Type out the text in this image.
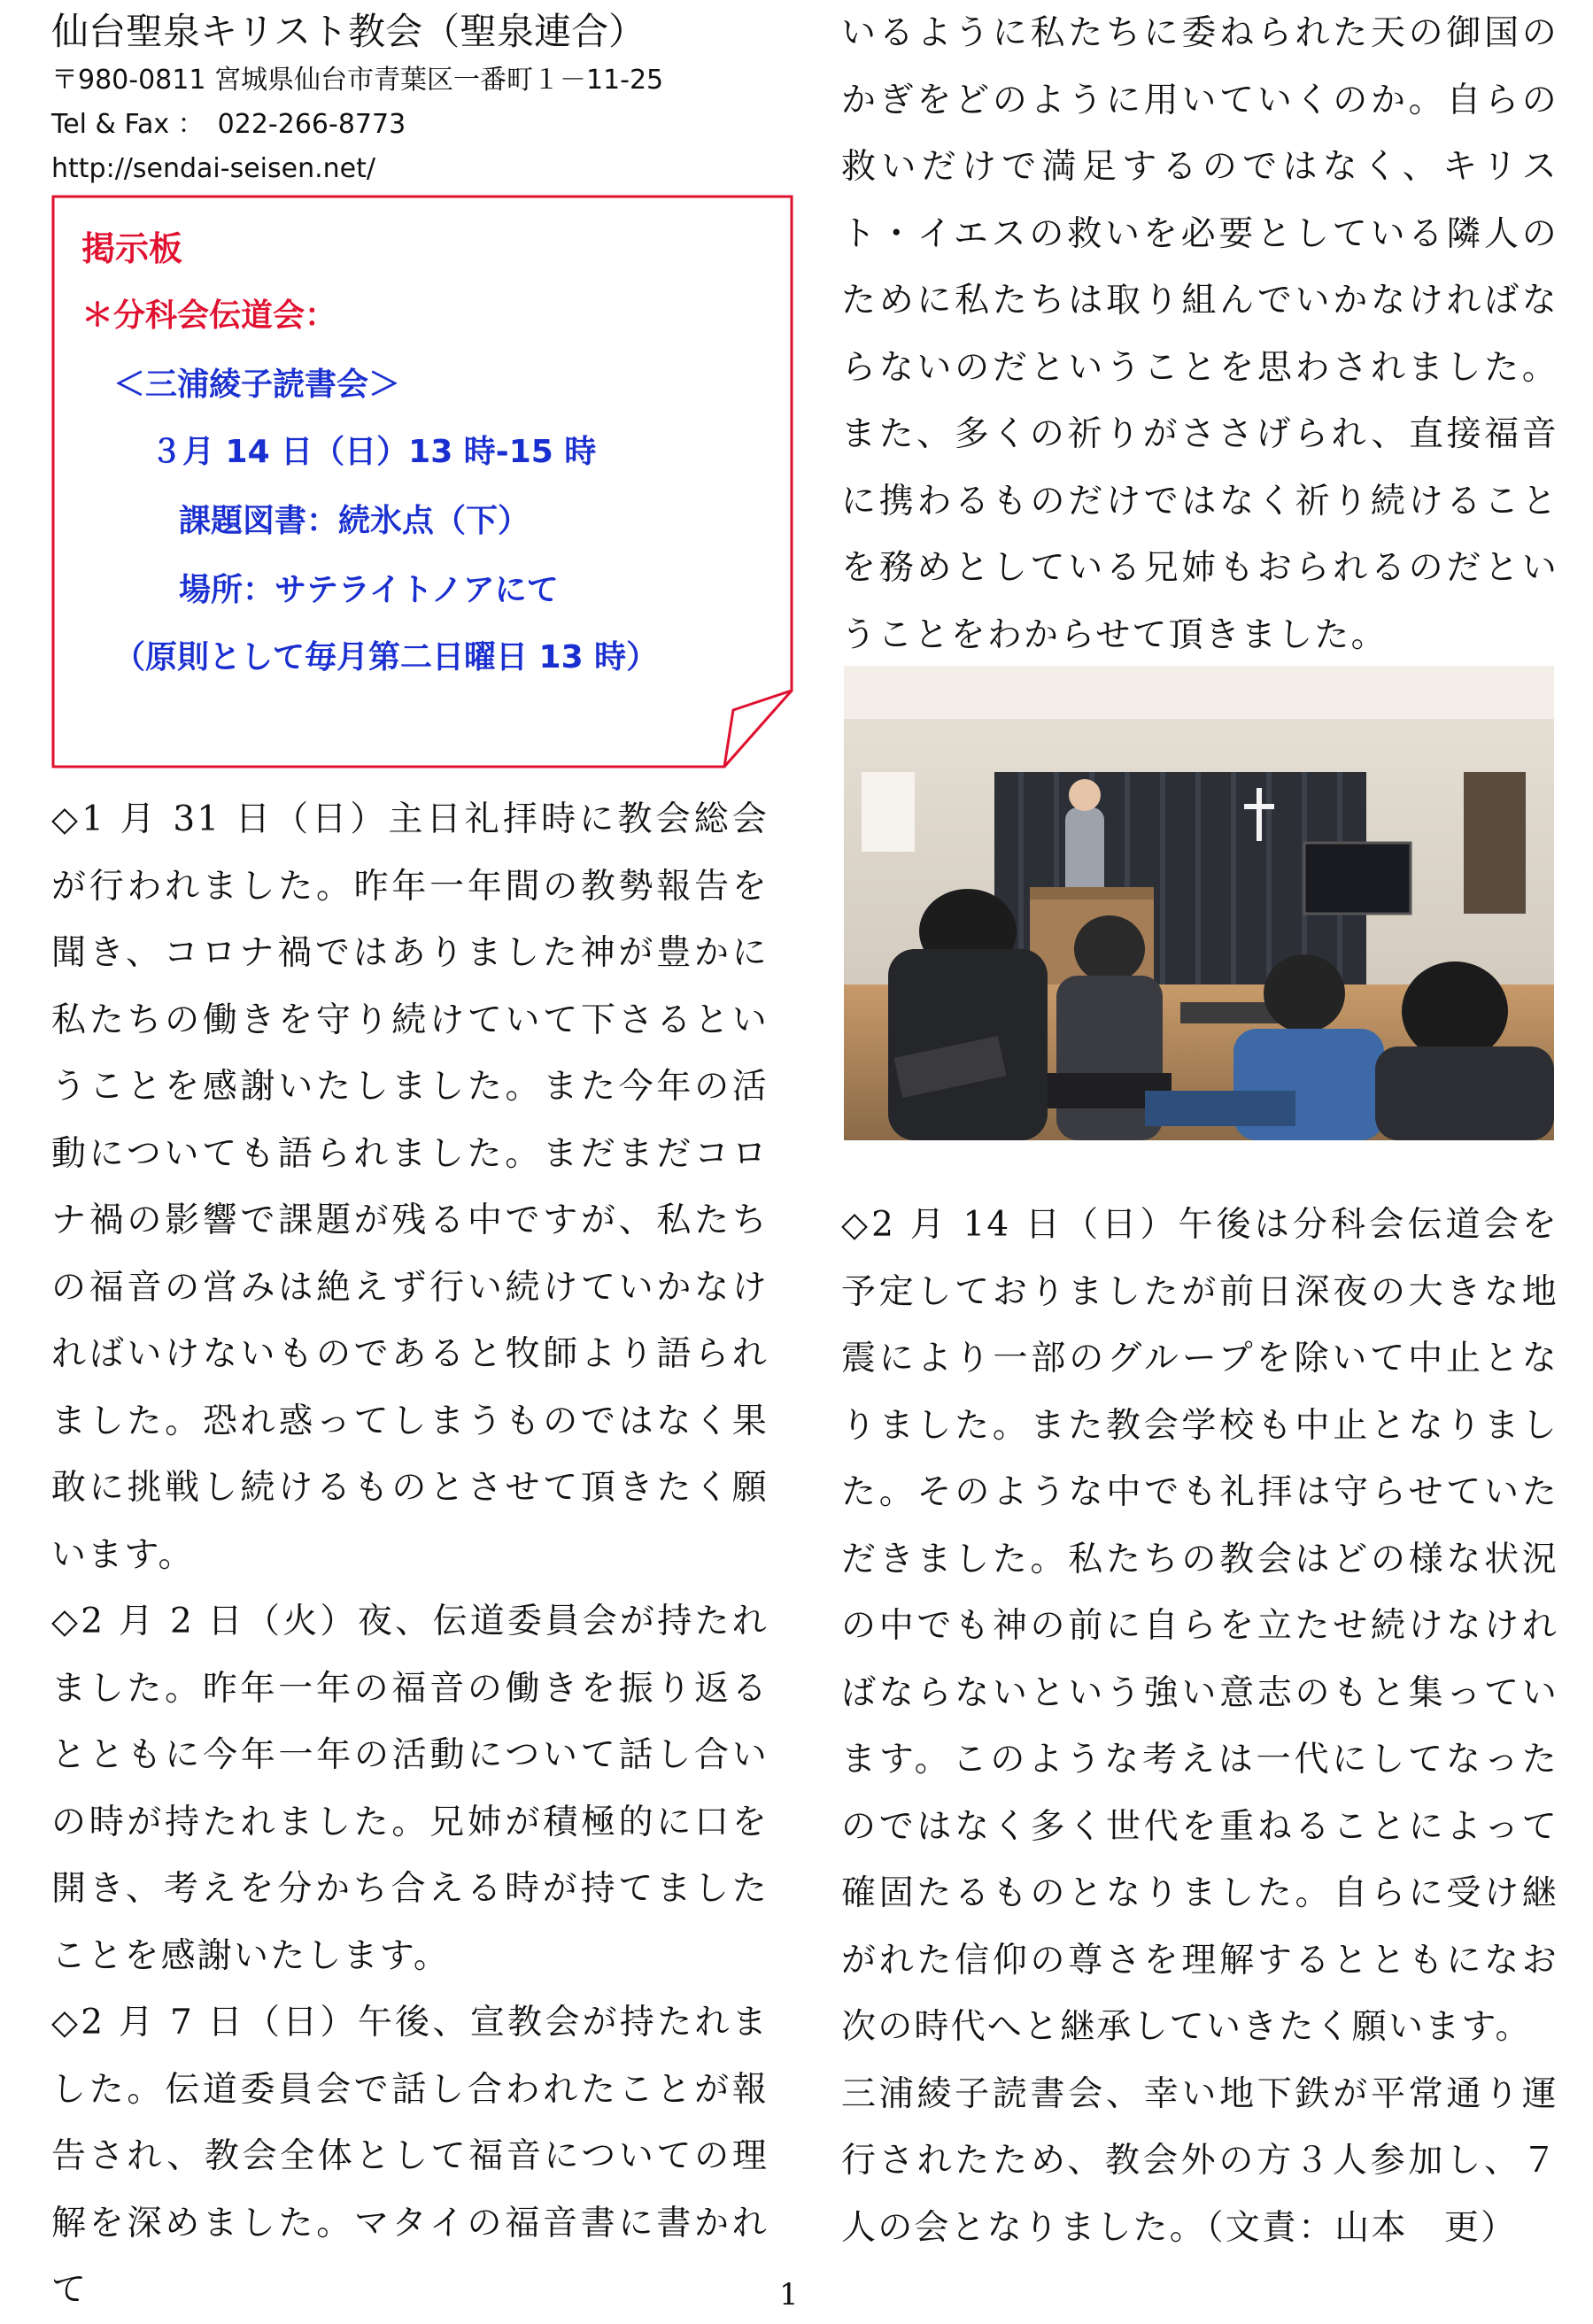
仙台聖泉キリスト教会（聖泉連合）
〒980-0811 宮城県仙台市青葉区一番町１－11-25
Tel & Fax ：　022-266-8773
http://sendai-seisen.net/
掲示板
＊分科会伝道会：
＜三浦綾子読書会＞
３月 14 日（日）13 時-15 時
課題図書：続氷点（下）
場所：サテライトノアにて
（原則として毎月第二日曜日 13 時）

◇1 月 31 日（日）主日礼拝時に教会総会が行われました。昨年一年間の教勢報告を聞き、コロナ禍ではありました神が豊かに私たちの働きを守り続けていて下さるということを感謝いたしました。また今年の活動についても語られました。まだまだコロナ禍の影響で課題が残る中ですが、私たちの福音の営みは絶えず行い続けていかなければいけないものであると牧師より語られました。恐れ惑ってしまうものではなく果敢に挑戦し続けるものとさせて頂きたく願います。

◇2 月 2 日（火）夜、伝道委員会が持たれました。昨年一年の福音の働きを振り返るとともに今年一年の活動について話し合いの時が持たれました。兄姉が積極的に口を開き、考えを分かち合える時が持てましたことを感謝いたします。

◇2 月 7 日（日）午後、宣教会が持たれました。伝道委員会で話し合われたことが報告され、教会全体として福音についての理解を深めました。マタイの福音書に書かれて

いるように私たちに委ねられた天の御国のかぎをどのように用いていくのか。自らの救いだけで満足するのではなく、キリスト・イエスの救いを必要としている隣人のために私たちは取り組んでいかなければならないのだということを思わされました。また、多くの祈りがささげられ、直接福音に携わるものだけではなく祈り続けることを務めとしている兄姉もおられるのだということをわからせて頂きました。

◇2 月 14 日（日）午後は分科会伝道会を予定しておりましたが前日深夜の大きな地震により一部のグループを除いて中止となりました。また教会学校も中止となりました。そのような中でも礼拝は守らせていただきました。私たちの教会はどの様な状況の中でも神の前に自らを立たせ続けなければならないという強い意志のもと集っています。このような考えは一代にしてなったのではなく多く世代を重ねることによって確固たるものとなりました。自らに受け継がれた信仰の尊さを理解するとともになお次の時代へと継承していきたく願います。

三浦綾子読書会、幸い地下鉄が平常通り運行されたため、教会外の方３人参加し、７人の会となりました。（文責：山本　更）

1
